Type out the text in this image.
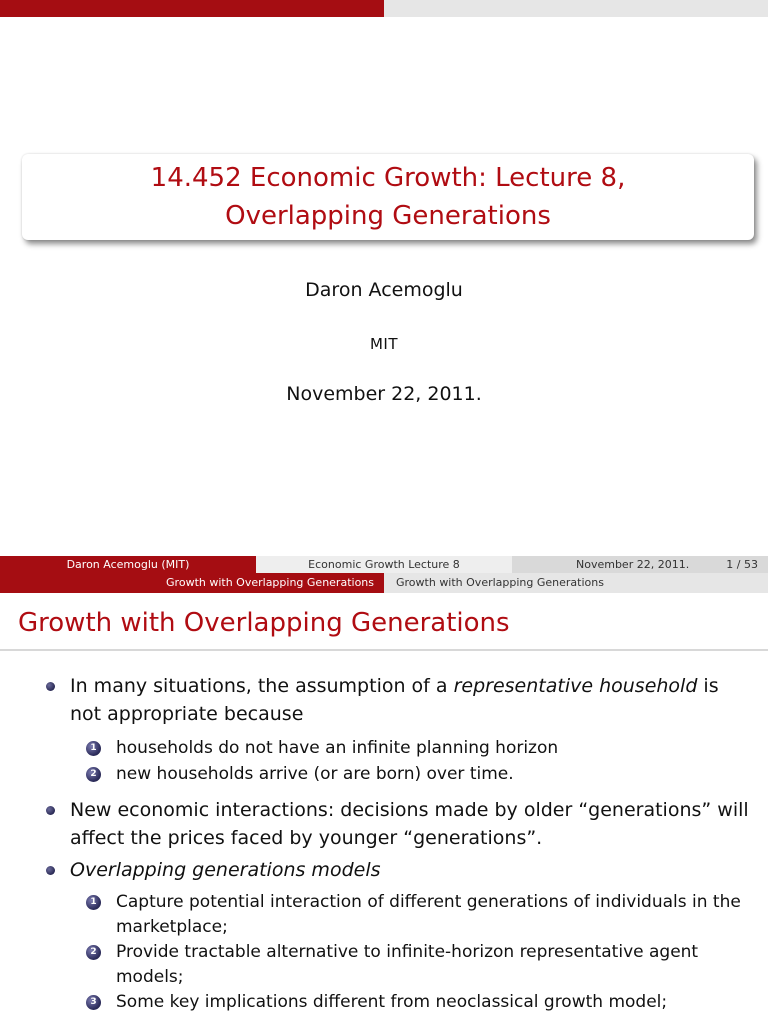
14.452 Economic Growth: Lecture 8, Overlapping Generations
Daron Acemoglu
MIT
November 22, 2011.
Daron Acemoglu (MIT)	Economic Growth Lecture 8	November 22, 2011.	1 / 53
Growth with Overlapping Generations	Growth with Overlapping Generations
Growth with Overlapping Generations
In many situations, the assumption of a representative household is not appropriate because
1 households do not have an infinite planning horizon
2 new households arrive (or are born) over time.
New economic interactions: decisions made by older “generations” will affect the prices faced by younger “generations”.
Overlapping generations models
1 Capture potential interaction of different generations of individuals in the marketplace;
2 Provide tractable alternative to infinite-horizon representative agent models;
3 Some key implications different from neoclassical growth model;
